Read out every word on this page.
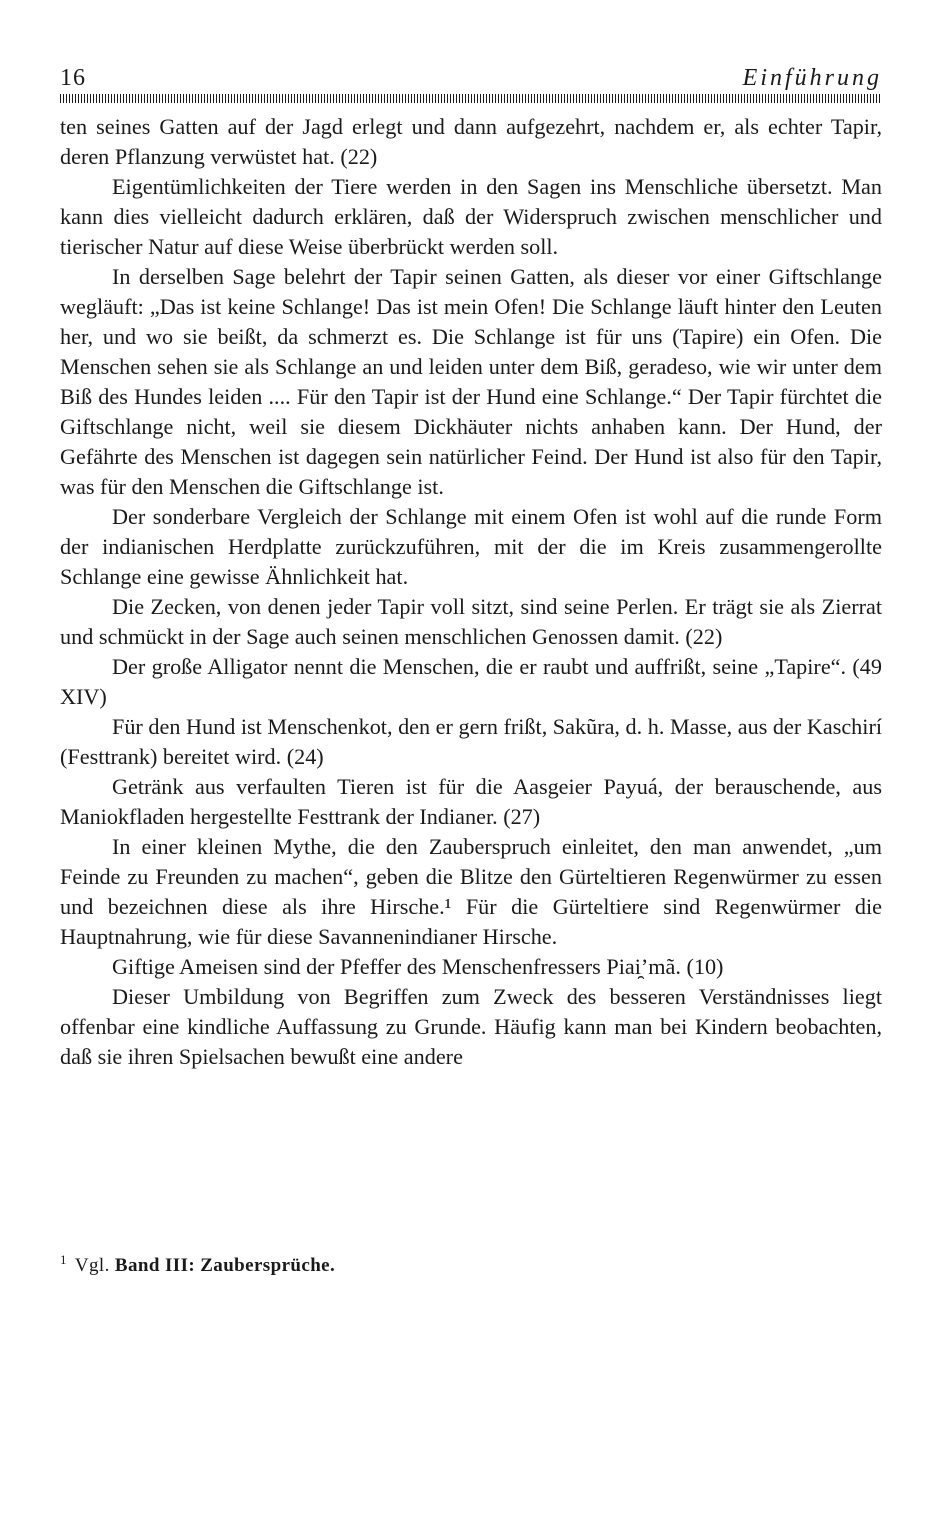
16	Einführung

ten seines Gatten auf der Jagd erlegt und dann aufgezehrt, nachdem er, als echter Tapir, deren Pflanzung verwüstet hat. (22)

Eigentümlichkeiten der Tiere werden in den Sagen ins Menschliche übersetzt. Man kann dies vielleicht dadurch erklären, daß der Widerspruch zwischen menschlicher und tierischer Natur auf diese Weise überbrückt werden soll.

In derselben Sage belehrt der Tapir seinen Gatten, als dieser vor einer Giftschlange wegläuft: „Das ist keine Schlange! Das ist mein Ofen! Die Schlange läuft hinter den Leuten her, und wo sie beißt, da schmerzt es. Die Schlange ist für uns (Tapire) ein Ofen. Die Menschen sehen sie als Schlange an und leiden unter dem Biß, geradeso, wie wir unter dem Biß des Hundes leiden .... Für den Tapir ist der Hund eine Schlange.“ Der Tapir fürchtet die Giftschlange nicht, weil sie diesem Dickhäuter nichts anhaben kann. Der Hund, der Gefährte des Menschen ist dagegen sein natürlicher Feind. Der Hund ist also für den Tapir, was für den Menschen die Giftschlange ist.

Der sonderbare Vergleich der Schlange mit einem Ofen ist wohl auf die runde Form der indianischen Herdplatte zurückzuführen, mit der die im Kreis zusammengerollte Schlange eine gewisse Ähnlichkeit hat.

Die Zecken, von denen jeder Tapir voll sitzt, sind seine Perlen. Er trägt sie als Zierrat und schmückt in der Sage auch seinen menschlichen Genossen damit. (22)

Der große Alligator nennt die Menschen, die er raubt und auffrißt, seine „Tapire“. (49 XIV)

Für den Hund ist Menschenkot, den er gern frißt, Sakũra, d. h. Masse, aus der Kaschirí (Festtrank) bereitet wird. (24)

Getränk aus verfaulten Tieren ist für die Aasgeier Payuá, der berauschende, aus Maniokfladen hergestellte Festtrank der Indianer. (27)

In einer kleinen Mythe, die den Zauberspruch einleitet, den man anwendet, „um Feinde zu Freunden zu machen“, geben die Blitze den Gürteltieren Regenwürmer zu essen und bezeichnen diese als ihre Hirsche.¹ Für die Gürteltiere sind Regenwürmer die Hauptnahrung, wie für diese Savannenindianer Hirsche.

Giftige Ameisen sind der Pfeffer des Menschenfressers Piai̯’mã. (10)

Dieser Umbildung von Begriffen zum Zweck des besseren Verständnisses liegt offenbar eine kindliche Auffassung zu Grunde. Häufig kann man bei Kindern beobachten, daß sie ihren Spielsachen bewußt eine andere

$^1$ Vgl. Band III: Zaubersprüche.
